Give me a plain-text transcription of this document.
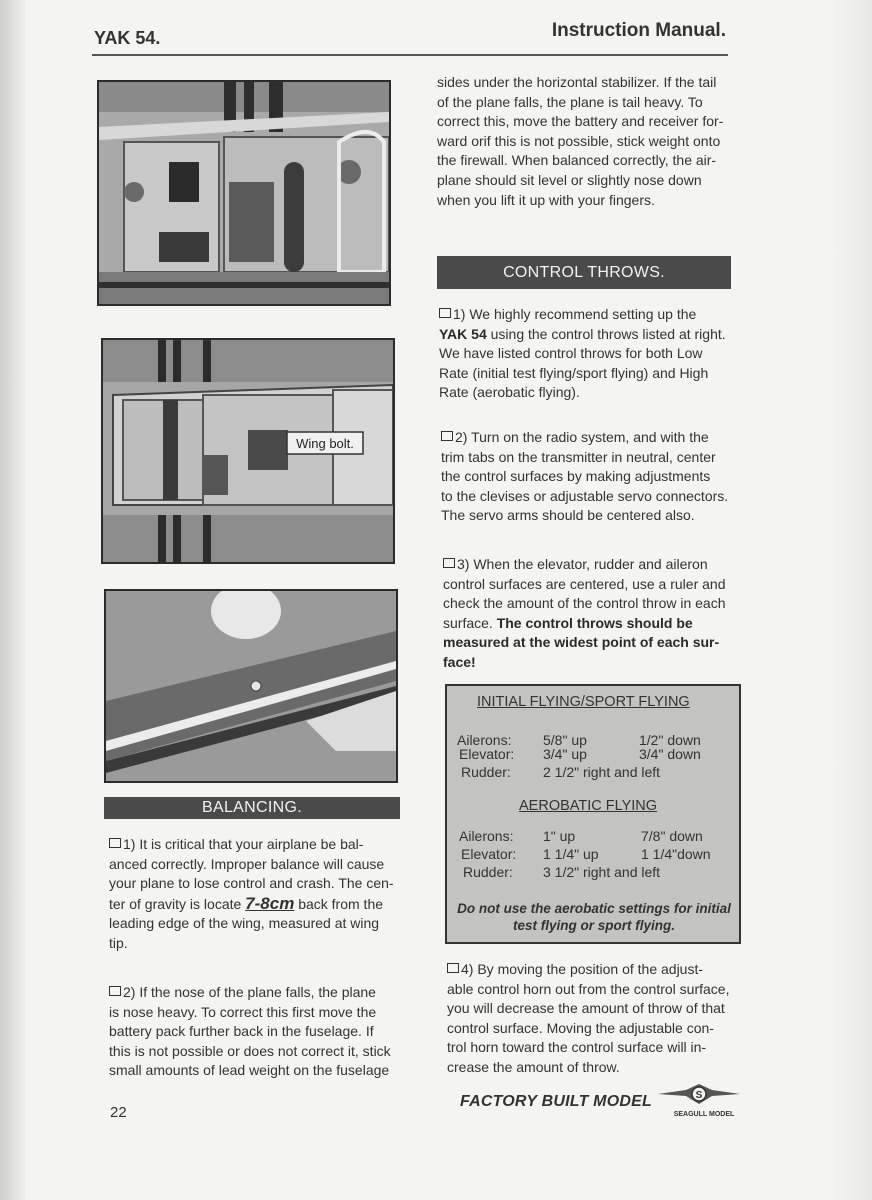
YAK 54.	Instruction Manual.
Wing bolt.
BALANCING.
1) It is critical that your airplane be bal-
anced correctly. Improper balance will cause
your plane to lose control and crash. The cen-
ter of gravity is locate 7-8cm back from the
leading edge of the wing, measured at wing
tip.
2) If the nose of the plane falls, the plane
is nose heavy. To correct this first move the
battery pack further back in the fuselage. If
this is not possible or does not correct it, stick
small amounts of lead weight on the fuselage
sides under the horizontal stabilizer. If the tail
of the plane falls, the plane is tail heavy. To
correct this, move the battery and receiver for-
ward orif this is not possible, stick weight onto
the firewall. When balanced correctly, the air-
plane should sit level or slightly nose down
when you lift it up with your fingers.
CONTROL THROWS.
1) We highly recommend setting up the
YAK 54 using the control throws listed at right.
We have listed control throws for both Low
Rate (initial test flying/sport flying) and High
Rate (aerobatic flying).
2) Turn on the radio system, and with the
trim tabs on the transmitter in neutral, center
the control surfaces by making adjustments
to the clevises or adjustable servo connectors.
The servo arms should be centered also.
3) When the elevator, rudder and aileron
control surfaces are centered, use a ruler and
check the amount of the control throw in each
surface. The control throws should be
measured at the widest point of each sur-
face!
INITIAL FLYING/SPORT FLYING
Ailerons: 5/8" up	1/2" down
Elevator: 3/4" up	3/4" down
Rudder: 2 1/2" right and left
AEROBATIC FLYING
Ailerons: 1" up	7/8" down
Elevator: 1 1/4" up	1 1/4"down
Rudder: 3 1/2" right and left
Do not use the aerobatic settings for initial test flying or sport flying.
4) By moving the position of the adjust-
able control horn out from the control surface,
you will decrease the amount of throw of that
control surface. Moving the adjustable con-
trol horn toward the control surface will in-
crease the amount of throw.
22
FACTORY BUILT MODEL	S
SEAGULL MODEL
